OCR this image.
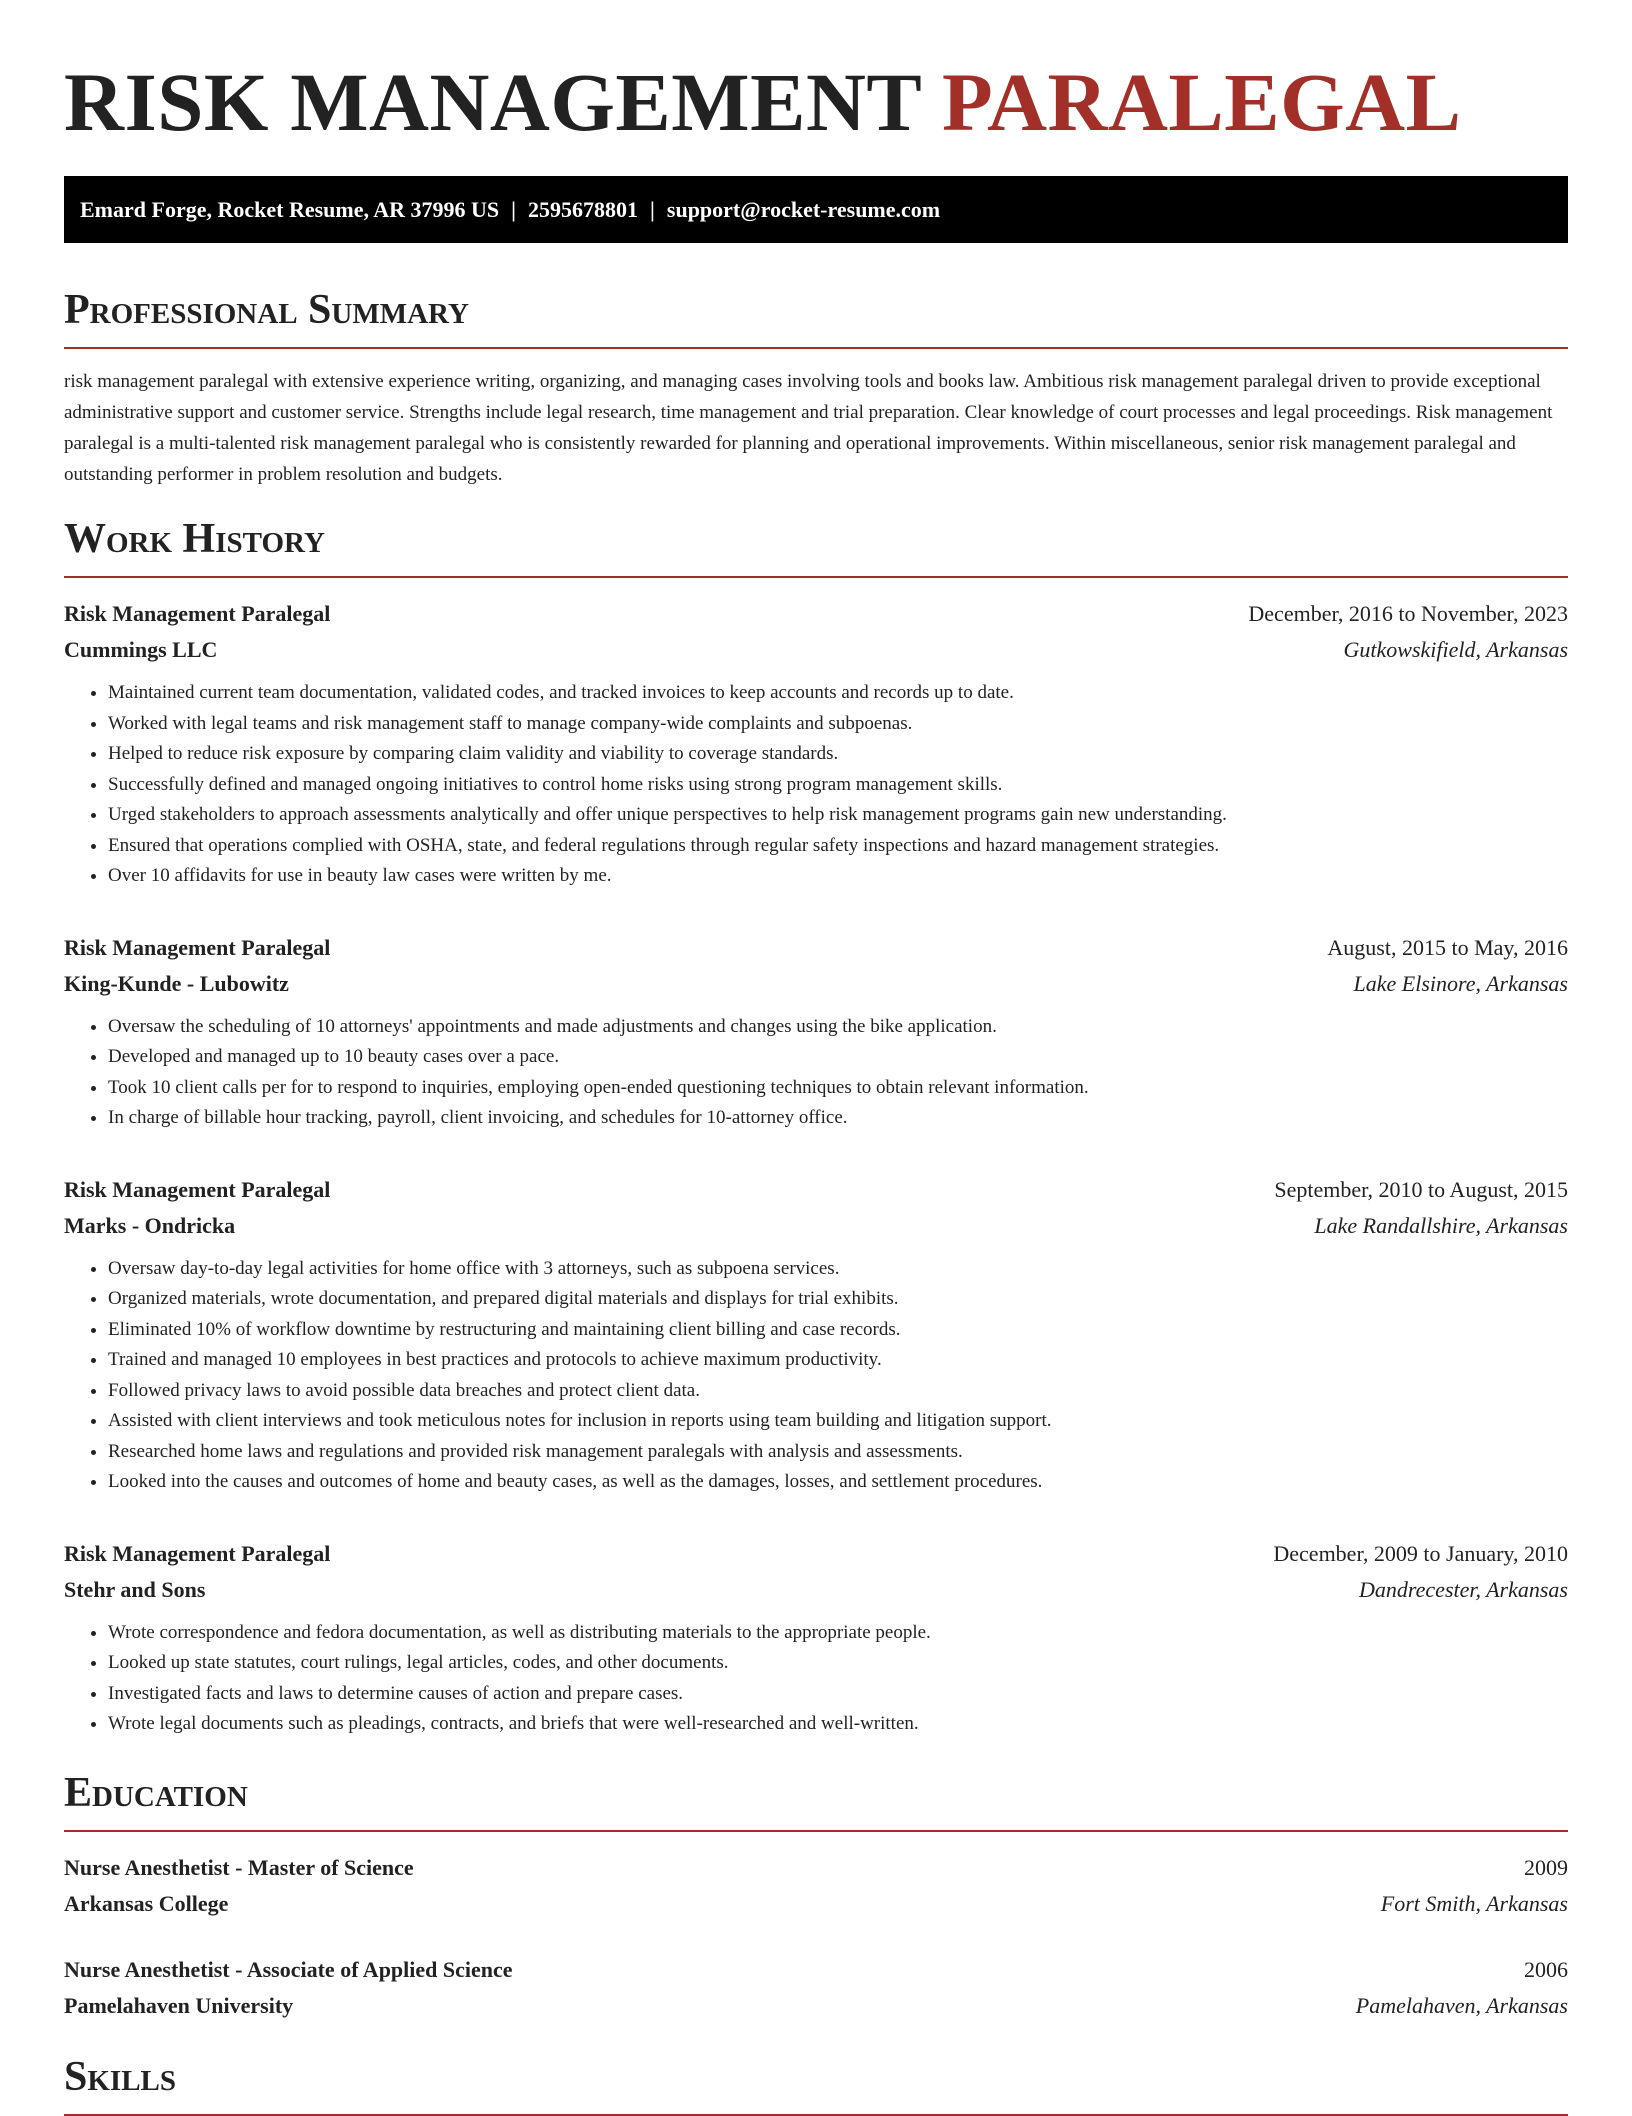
RISK MANAGEMENT PARALEGAL
Emard Forge, Rocket Resume, AR 37996 US | 2595678801 | support@rocket-resume.com
Professional Summary

risk management paralegal with extensive experience writing, organizing, and managing cases involving tools and books law. Ambitious risk management paralegal driven to provide exceptional administrative support and customer service. Strengths include legal research, time management and trial preparation. Clear knowledge of court processes and legal proceedings. Risk management paralegal is a multi-talented risk management paralegal who is consistently rewarded for planning and operational improvements. Within miscellaneous, senior risk management paralegal and outstanding performer in problem resolution and budgets.

Work History
Risk Management Paralegal	December, 2016 to November, 2023
Cummings LLC	Gutkowskifield, Arkansas
• Maintained current team documentation, validated codes, and tracked invoices to keep accounts and records up to date.
• Worked with legal teams and risk management staff to manage company-wide complaints and subpoenas.
• Helped to reduce risk exposure by comparing claim validity and viability to coverage standards.
• Successfully defined and managed ongoing initiatives to control home risks using strong program management skills.
• Urged stakeholders to approach assessments analytically and offer unique perspectives to help risk management programs gain new understanding.
• Ensured that operations complied with OSHA, state, and federal regulations through regular safety inspections and hazard management strategies.
• Over 10 affidavits for use in beauty law cases were written by me.
Risk Management Paralegal	August, 2015 to May, 2016
King-Kunde - Lubowitz	Lake Elsinore, Arkansas
• Oversaw the scheduling of 10 attorneys' appointments and made adjustments and changes using the bike application.
• Developed and managed up to 10 beauty cases over a pace.
• Took 10 client calls per for to respond to inquiries, employing open-ended questioning techniques to obtain relevant information.
• In charge of billable hour tracking, payroll, client invoicing, and schedules for 10-attorney office.
Risk Management Paralegal	September, 2010 to August, 2015
Marks - Ondricka	Lake Randallshire, Arkansas
• Oversaw day-to-day legal activities for home office with 3 attorneys, such as subpoena services.
• Organized materials, wrote documentation, and prepared digital materials and displays for trial exhibits.
• Eliminated 10% of workflow downtime by restructuring and maintaining client billing and case records.
• Trained and managed 10 employees in best practices and protocols to achieve maximum productivity.
• Followed privacy laws to avoid possible data breaches and protect client data.
• Assisted with client interviews and took meticulous notes for inclusion in reports using team building and litigation support.
• Researched home laws and regulations and provided risk management paralegals with analysis and assessments.
• Looked into the causes and outcomes of home and beauty cases, as well as the damages, losses, and settlement procedures.
Risk Management Paralegal	December, 2009 to January, 2010
Stehr and Sons	Dandrecester, Arkansas
• Wrote correspondence and fedora documentation, as well as distributing materials to the appropriate people.
• Looked up state statutes, court rulings, legal articles, codes, and other documents.
• Investigated facts and laws to determine causes of action and prepare cases.
• Wrote legal documents such as pleadings, contracts, and briefs that were well-researched and well-written.
Education
Nurse Anesthetist - Master of Science	2009
Arkansas College	Fort Smith, Arkansas
Nurse Anesthetist - Associate of Applied Science	2006
Pamelahaven University	Pamelahaven, Arkansas
Skills
